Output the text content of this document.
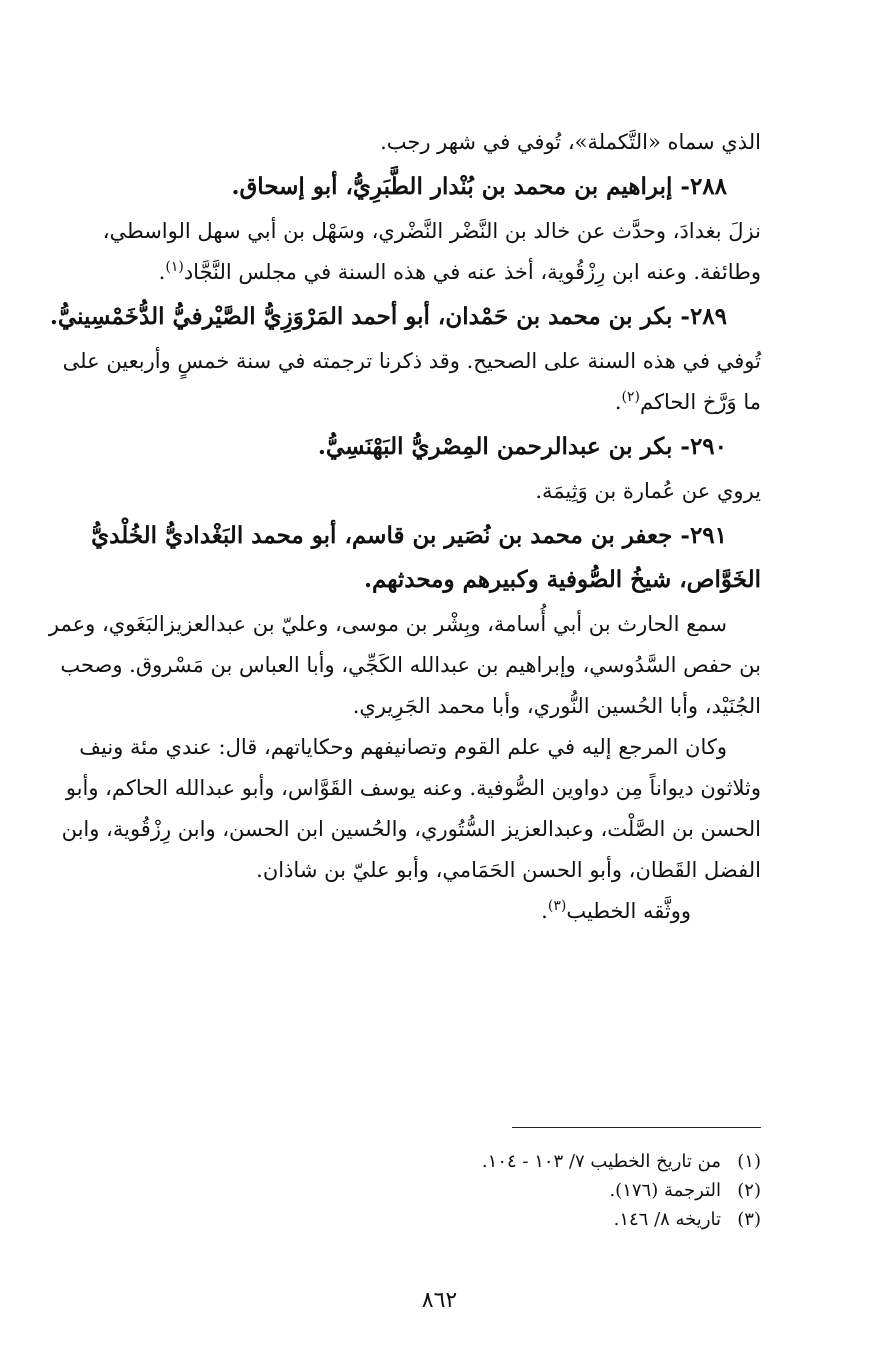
الذي سماه «التَّكملة»، تُوفي في شهر رجب.

٢٨٨- إبراهيم بن محمد بن بُنْدار الطَّبَرِيُّ، أبو إسحاق.

نزلَ بغدادَ، وحدَّث عن خالد بن النَّضْر النَّضْري، وسَهْل بن أبي سهل الواسطي، وطائفة. وعنه ابن رِزْقُوية، أخذ عنه في هذه السنة في مجلس النَّجَّاد$^{(١)}$.

٢٨٩- بكر بن محمد بن حَمْدان، أبو أحمد المَرْوَزِيُّ الصَّيْرفيُّ الدُّخَمْسِينيُّ.

تُوفي في هذه السنة على الصحيح. وقد ذكرنا ترجمته في سنة خمسٍ وأربعين على ما وَرَّخ الحاكم$^{(٢)}$.

٢٩٠- بكر بن عبدالرحمن المِصْريُّ البَهْنَسِيُّ.

يروي عن عُمارة بن وَثِيمَة.

٢٩١- جعفر بن محمد بن نُصَير بن قاسم، أبو محمد البَغْداديُّ الخُلْديُّ الخَوَّاص، شيخُ الصُّوفية وكبيرهم ومحدثهم.

سمع الحارث بن أبي أُسامة، وبِشْر بن موسى، وعليّ بن عبدالعزيزالبَغَوي، وعمر بن حفص السَّدُوسي، وإبراهيم بن عبدالله الكَجِّي، وأبا العباس بن مَسْروق. وصحب الجُنَيْد، وأبا الحُسين النُّوري، وأبا محمد الجَرِيري.

وكان المرجع إليه في علم القوم وتصانيفهم وحكاياتهم، قال: عندي مئة ونيف وثلاثون ديواناً مِن دواوين الصُّوفية. وعنه يوسف القَوَّاس، وأبو عبدالله الحاكم، وأبو الحسن بن الصَّلْت، وعبدالعزيز السُّتُوري، والحُسين ابن الحسن، وابن رِزْقُوية، وابن الفضل القَطان، وأبو الحسن الحَمَامي، وأبو عليّ بن شاذان.

ووثَّقه الخطيب$^{(٣)}$.

(١)من تاريخ الخطيب ٧/ ١٠٣ - ١٠٤.
(٢)الترجمة (١٧٦).
(٣)تاريخه ٨/ ١٤٦.
٨٦٢
